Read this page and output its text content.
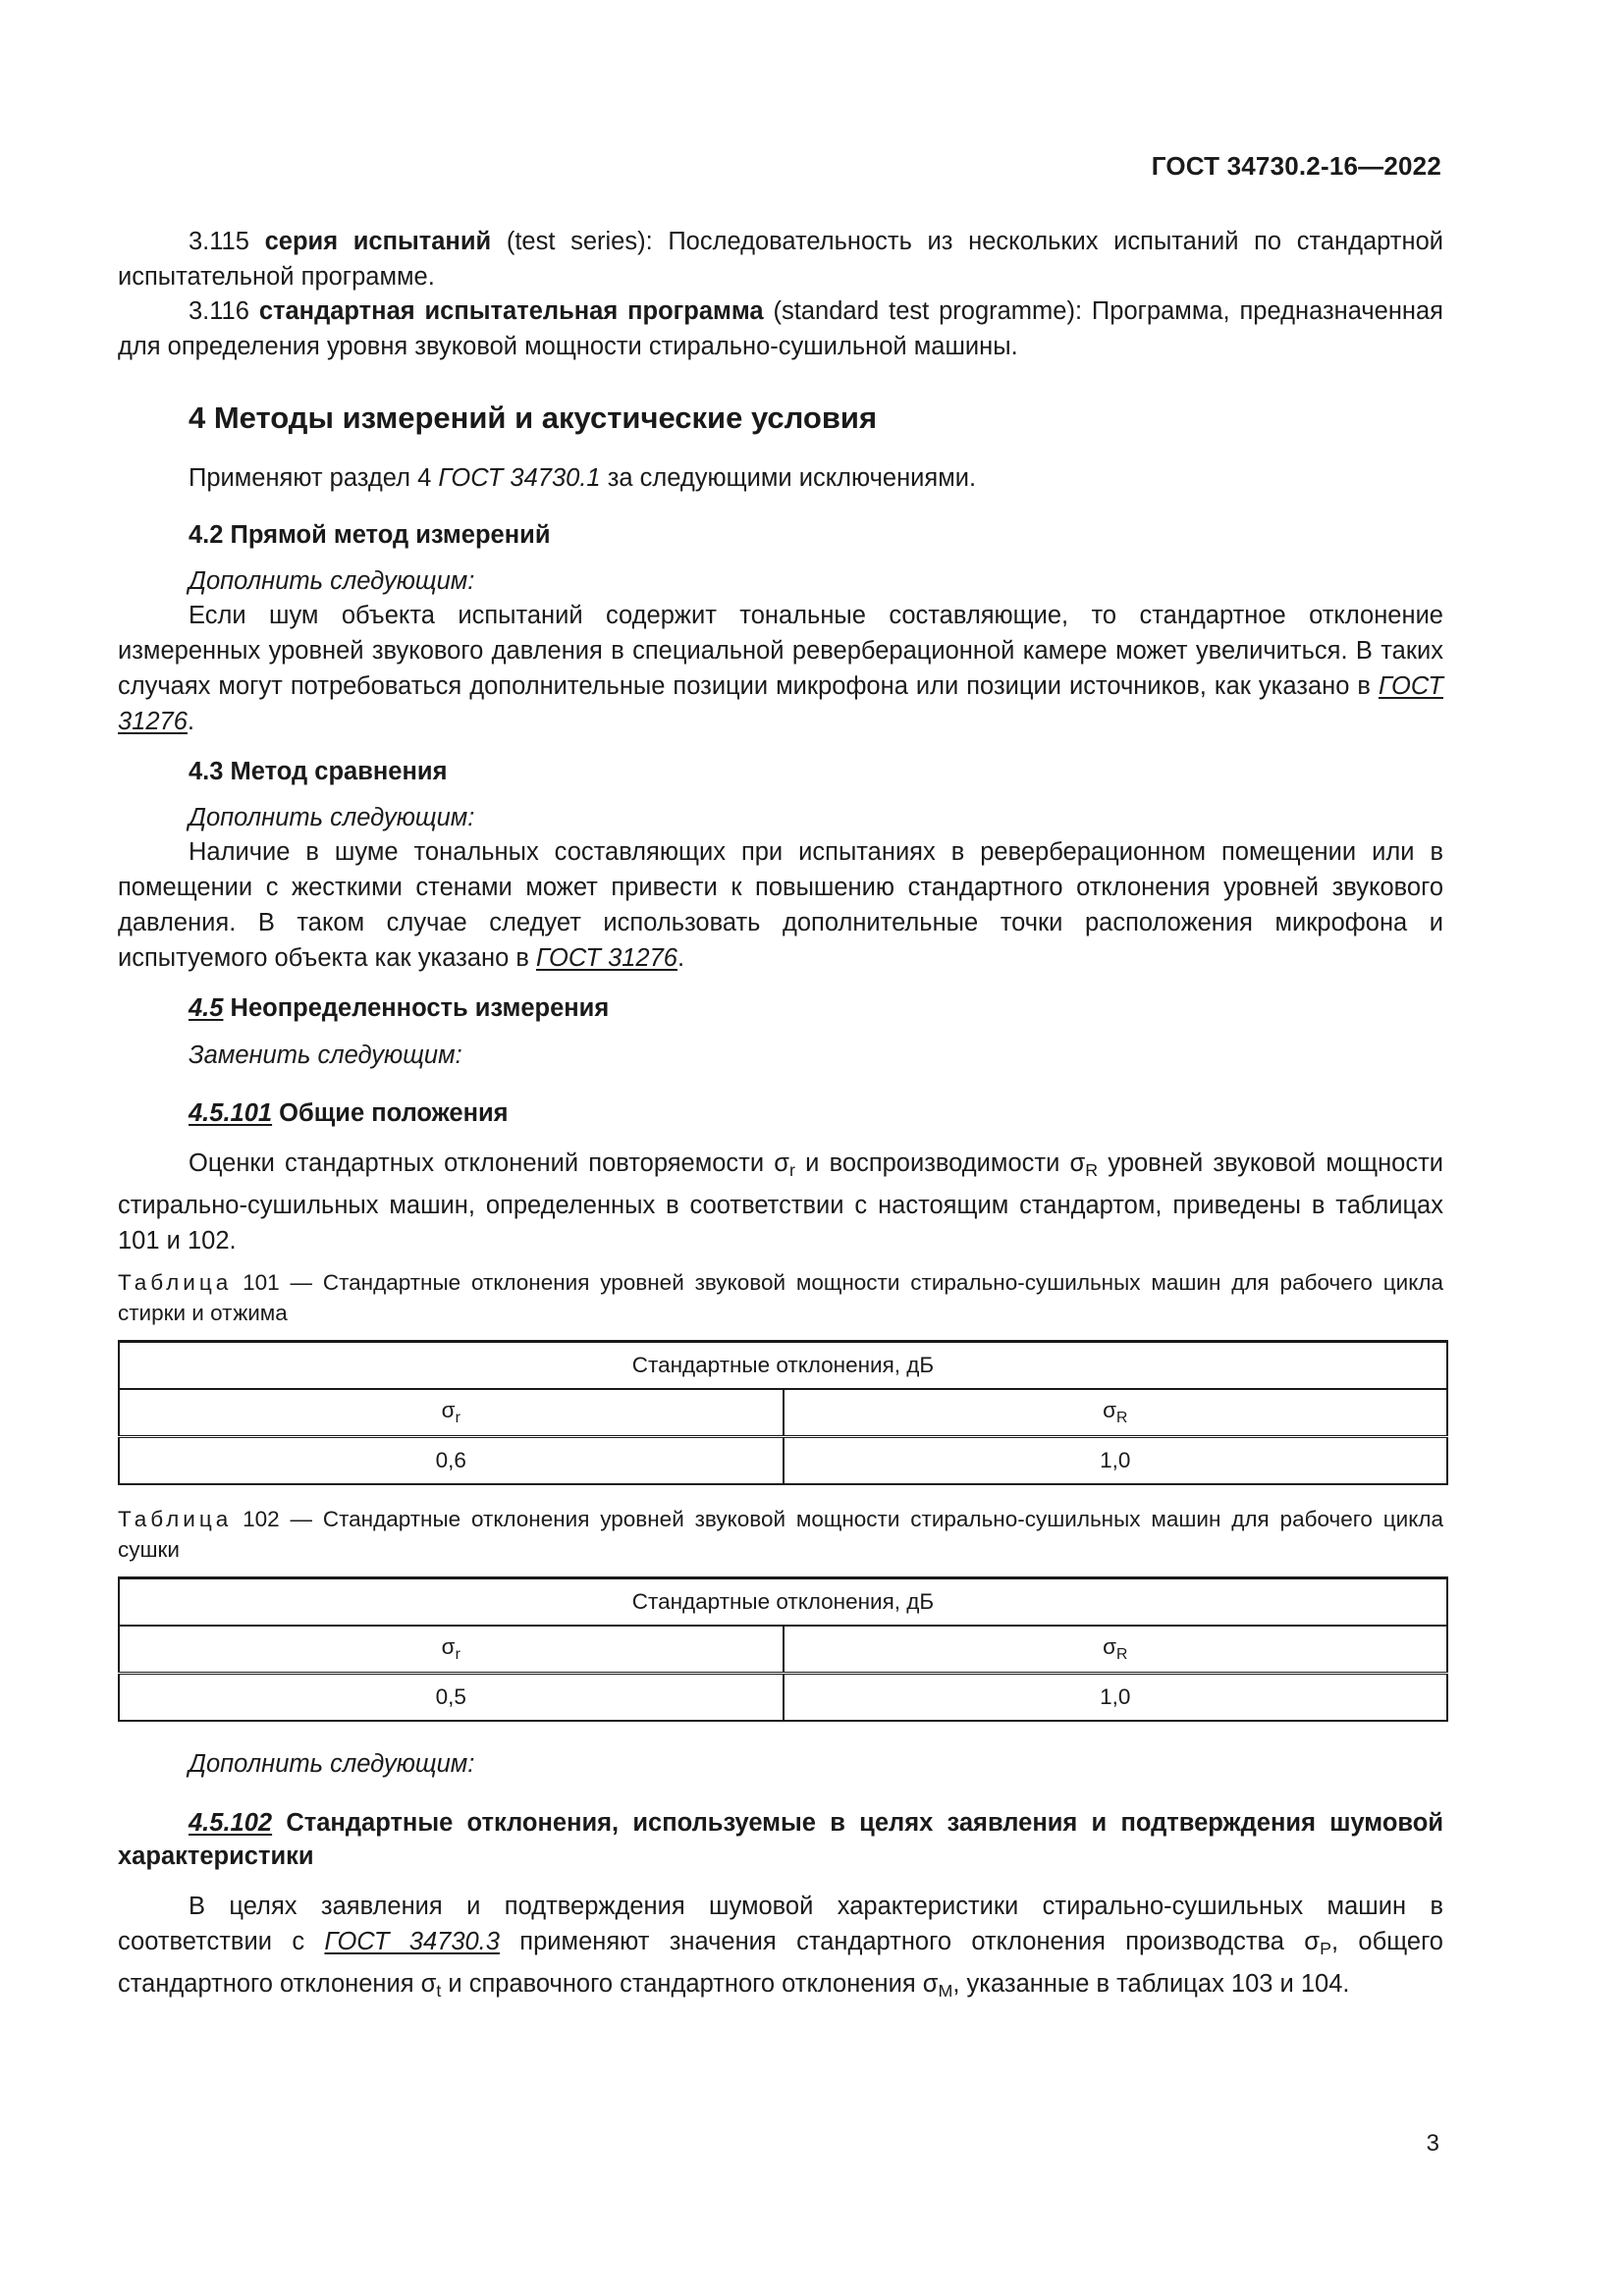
ГОСТ 34730.2-16—2022
3.115 серия испытаний (test series): Последовательность из нескольких испытаний по стандартной испытательной программе.
3.116 стандартная испытательная программа (standard test programme): Программа, предназначенная для определения уровня звуковой мощности стирально-сушильной машины.
4 Методы измерений и акустические условия
Применяют раздел 4 ГОСТ 34730.1 за следующими исключениями.
4.2 Прямой метод измерений
Дополнить следующим:
Если шум объекта испытаний содержит тональные составляющие, то стандартное отклонение измеренных уровней звукового давления в специальной реверберационной камере может увеличиться. В таких случаях могут потребоваться дополнительные позиции микрофона или позиции источников, как указано в ГОСТ 31276.
4.3 Метод сравнения
Дополнить следующим:
Наличие в шуме тональных составляющих при испытаниях в реверберационном помещении или в помещении с жесткими стенами может привести к повышению стандартного отклонения уровней звукового давления. В таком случае следует использовать дополнительные точки расположения микрофона и испытуемого объекта как указано в ГОСТ 31276.
4.5 Неопределенность измерения
Заменить следующим:
4.5.101 Общие положения
Оценки стандартных отклонений повторяемости $\sigma_r$ и воспроизводимости $\sigma_R$ уровней звуковой мощности стирально-сушильных машин, определенных в соответствии с настоящим стандартом, приведены в таблицах 101 и 102.
Таблица 101 — Стандартные отклонения уровней звуковой мощности стирально-сушильных машин для рабочего цикла стирки и отжима
Стандартные отклонения, дБ	
$\sigma_r$	$\sigma_R$
0,6	1,0
Таблица 102 — Стандартные отклонения уровней звуковой мощности стирально-сушильных машин для рабочего цикла сушки
Стандартные отклонения, дБ	
$\sigma_r$	$\sigma_R$
0,5	1,0
Дополнить следующим:
4.5.102 Стандартные отклонения, используемые в целях заявления и подтверждения шумовой характеристики
В целях заявления и подтверждения шумовой характеристики стирально-сушильных машин в соответствии с ГОСТ 34730.3 применяют значения стандартного отклонения производства $\sigma_P$, общего стандартного отклонения $\sigma_t$ и справочного стандартного отклонения $\sigma_M$, указанные в таблицах 103 и 104.
3
